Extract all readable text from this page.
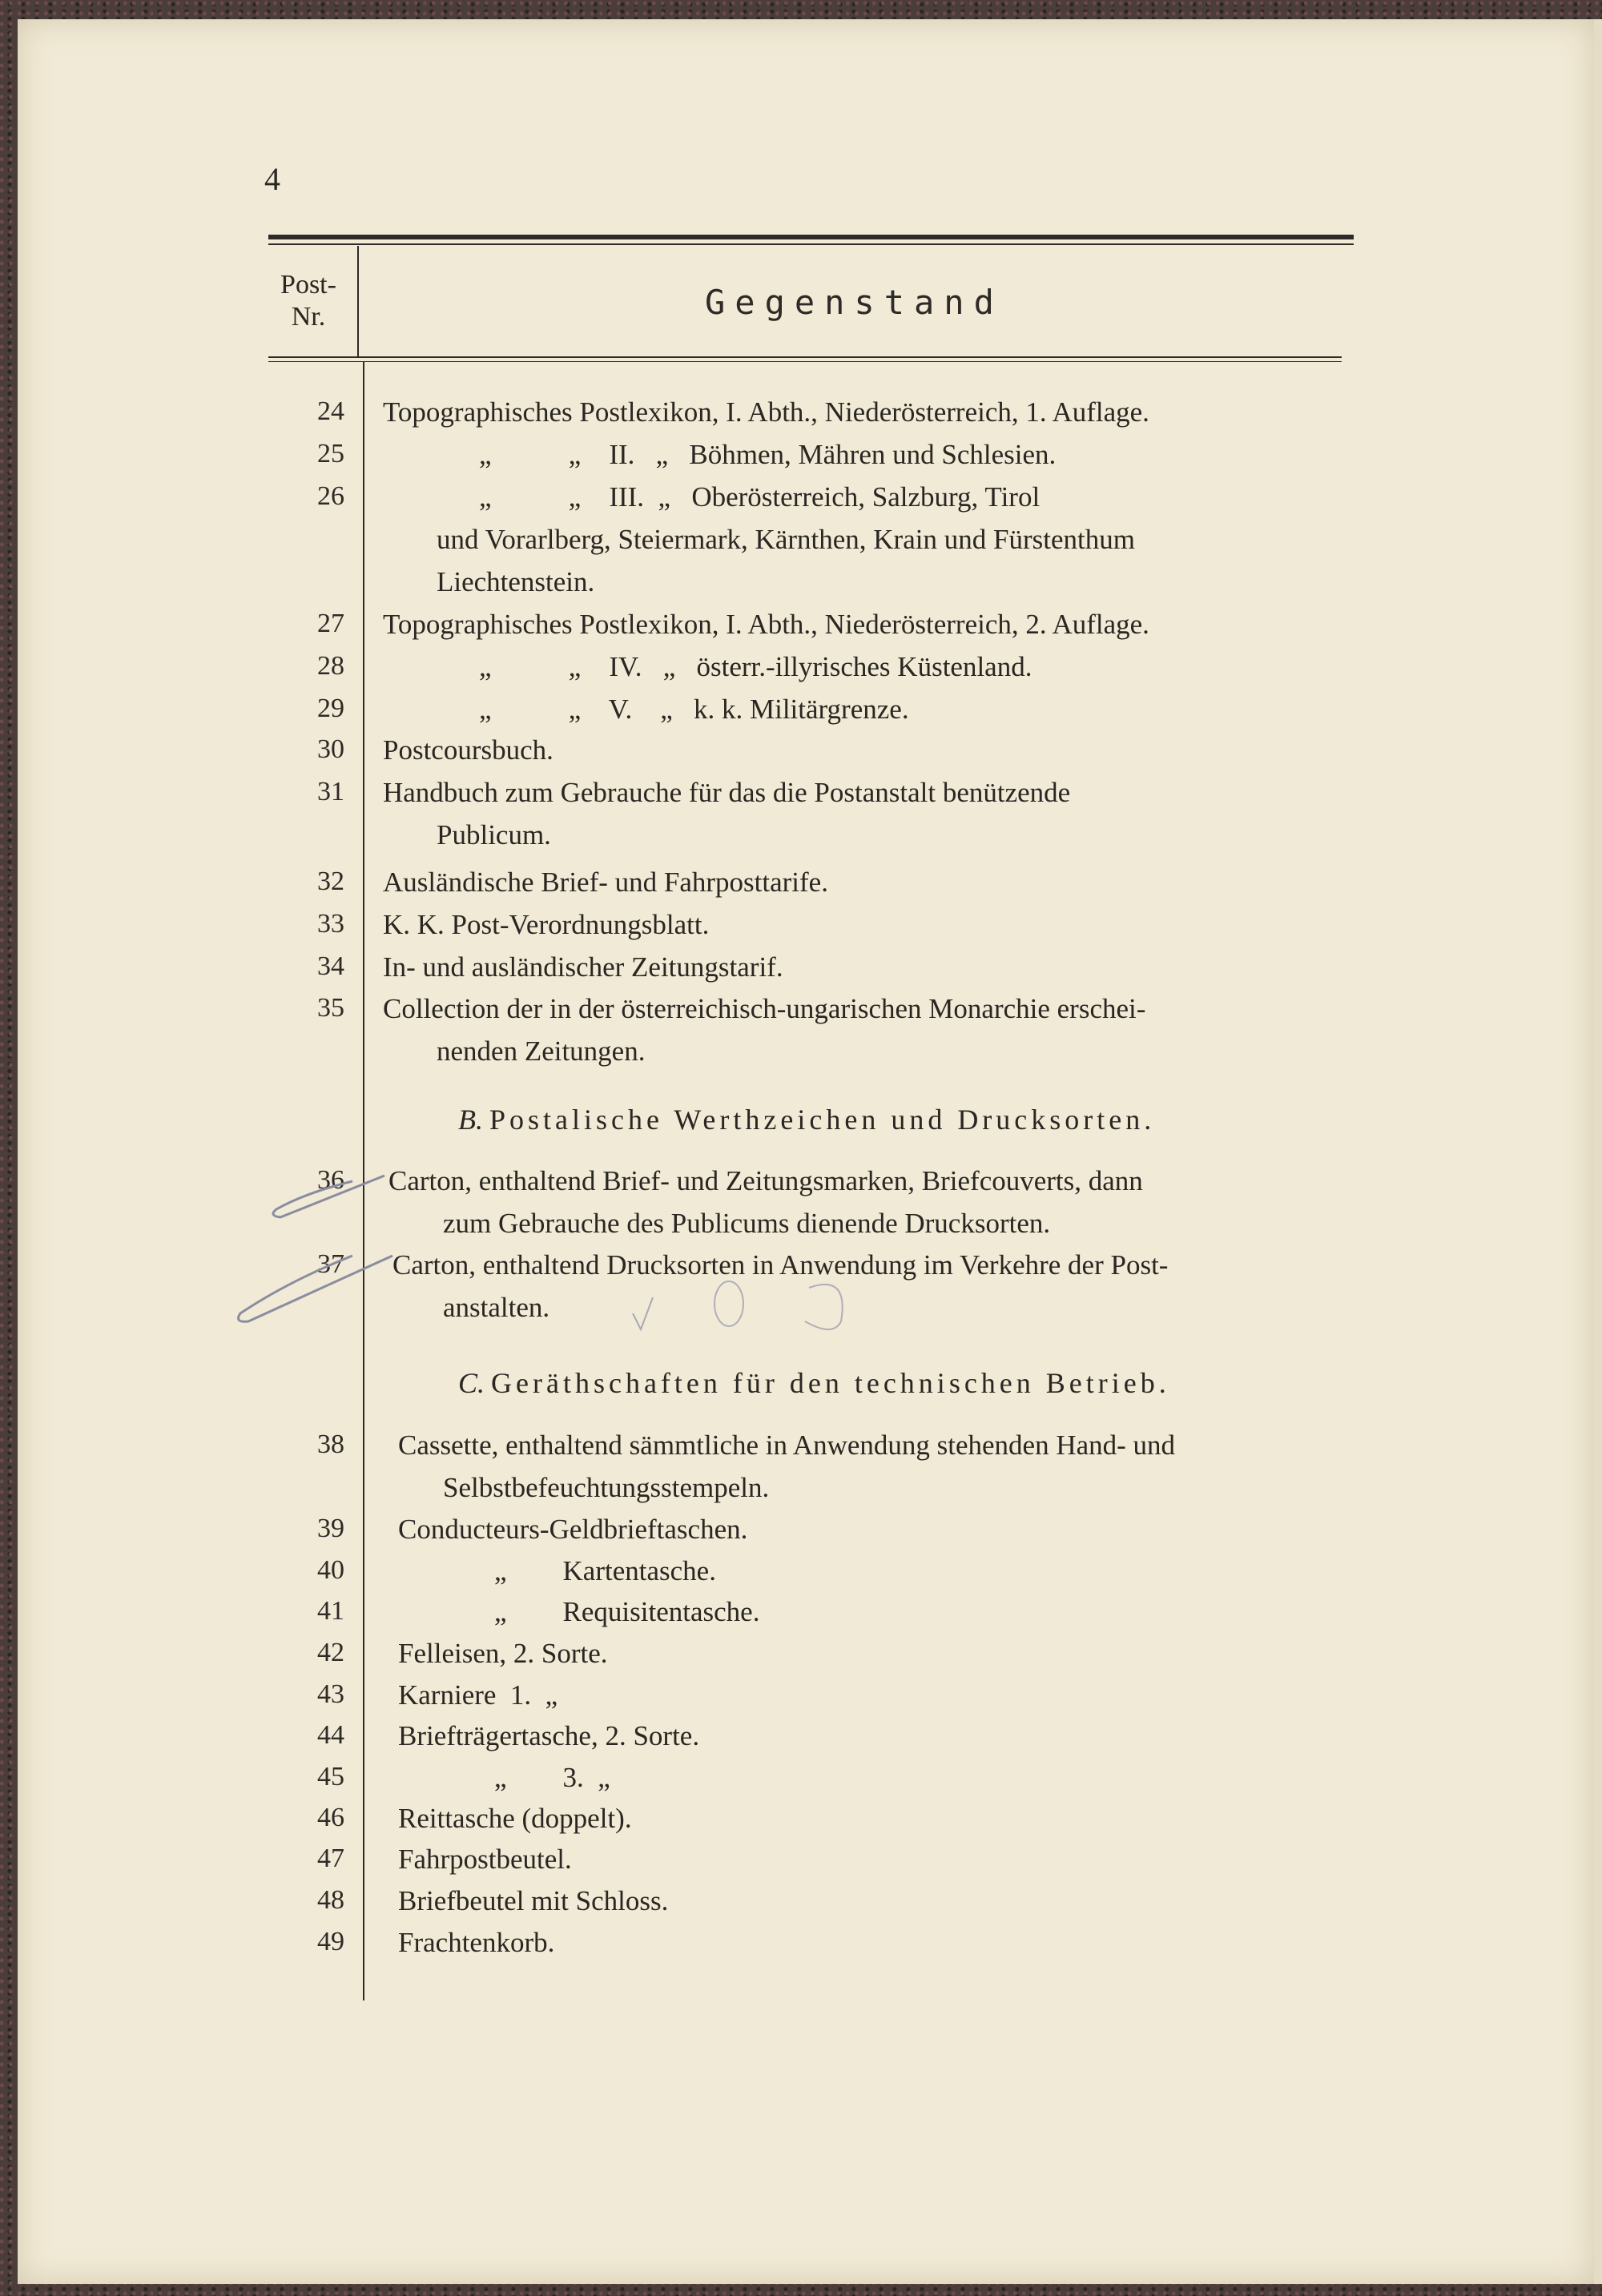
4
Post-
Nr.	Gegenstand
24 Topographisches Postlexikon, I. Abth., Niederösterreich, 1. Auflage.
25	„           „    II.   „   Böhmen, Mähren und Schlesien.
26	„           „    III.  „   Oberösterreich, Salzburg, Tirol
und Vorarlberg, Steiermark, Kärnthen, Krain und Fürstenthum
Liechtenstein.
27 Topographisches Postlexikon, I. Abth., Niederösterreich, 2. Auflage.
28	„           „    IV.   „   österr.-illyrisches Küstenland.
29	„           „    V.    „   k. k. Militärgrenze.
30 Postcoursbuch.
31 Handbuch zum Gebrauche für das die Postanstalt benützende
Publicum.
32 Ausländische Brief- und Fahrposttarife.
33 K. K. Post-Verordnungsblatt.
34 In- und ausländischer Zeitungstarif.
35 Collection der in der österreichisch-ungarischen Monarchie erschei-
nenden Zeitungen.
B. Postalische Werthzeichen und Drucksorten.
36 Carton, enthaltend Brief- und Zeitungsmarken, Briefcouverts, dann
zum Gebrauche des Publicums dienende Drucksorten.
37 Carton, enthaltend Drucksorten in Anwendung im Verkehre der Post-
anstalten.
C. Geräthschaften für den technischen Betrieb.
38 Cassette, enthaltend sämmtliche in Anwendung stehenden Hand- und
Selbstbefeuchtungsstempeln.
39 Conducteurs-Geldbrieftaschen.
40	„        Kartentasche.
41	„        Requisitentasche.
42 Felleisen, 2. Sorte.
43 Karniere  1.  „
44 Briefträgertasche, 2. Sorte.
45	„        3.  „
46 Reittasche (doppelt).
47 Fahrpostbeutel.
48 Briefbeutel mit Schloss.
49 Frachtenkorb.
